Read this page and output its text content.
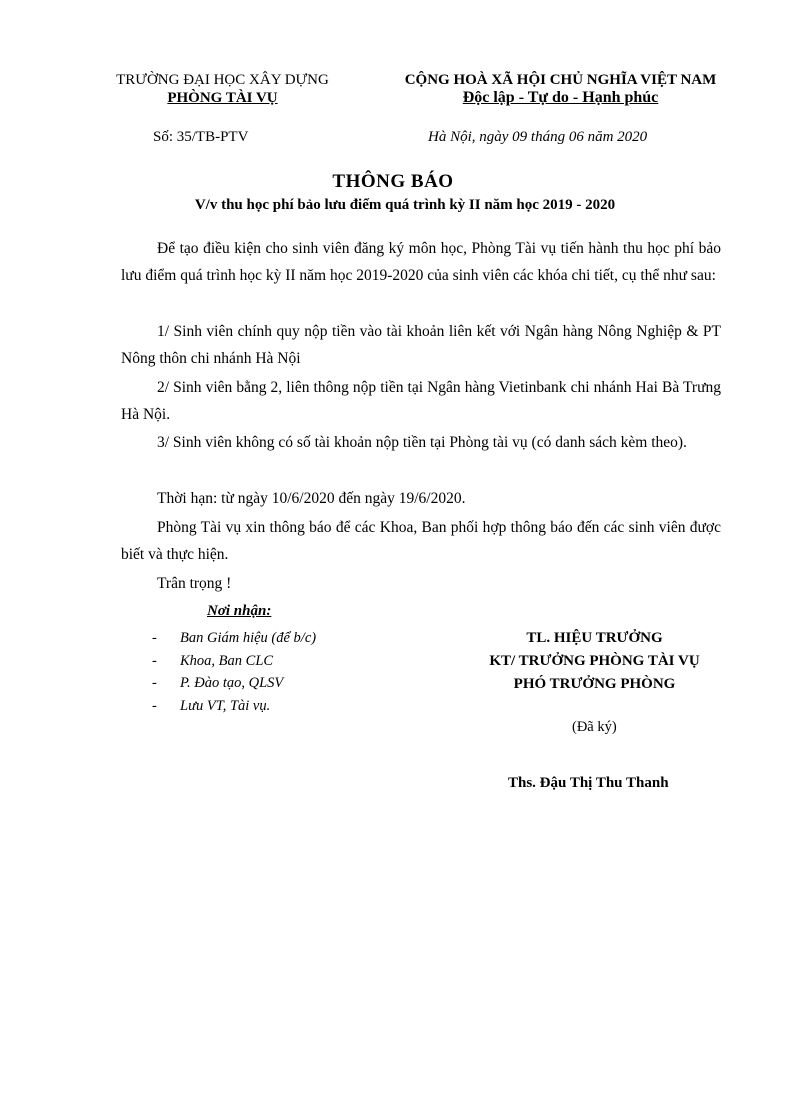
TRƯỜNG ĐẠI HỌC XÂY DỰNG
PHÒNG TÀI VỤ
Số: 35/TB-PTV
CỘNG HOÀ XÃ HỘI CHỦ NGHĨA VIỆT NAM
Độc lập - Tự do - Hạnh phúc
Hà Nội, ngày 09 tháng 06 năm 2020
THÔNG BÁO
V/v thu học phí bảo lưu điểm quá trình kỳ II năm học 2019 - 2020
Để tạo điều kiện cho sinh viên đăng ký môn học, Phòng Tài vụ tiến hành thu học phí bảo lưu điểm quá trình học kỳ II năm học 2019-2020 của sinh viên các khóa chi tiết, cụ thể như sau:
1/ Sinh viên chính quy nộp tiền vào tài khoản liên kết với Ngân hàng Nông Nghiệp & PT Nông thôn chi nhánh Hà Nội
2/ Sinh viên bằng 2, liên thông nộp tiền tại Ngân hàng Vietinbank chi nhánh Hai Bà Trưng Hà Nội.
3/ Sinh viên không có số tài khoản nộp tiền tại Phòng tài vụ (có danh sách kèm theo).
Thời hạn: từ ngày 10/6/2020 đến ngày 19/6/2020.
Phòng Tài vụ xin thông báo để các Khoa, Ban phối hợp thông báo đến các sinh viên được biết và thực hiện.
Trân trọng !
Nơi nhận:
-	Ban Giám hiệu (để b/c)
-	Khoa, Ban CLC
-	P. Đào tạo, QLSV
-	Lưu VT, Tài vụ.
TL. HIỆU TRƯỞNG
KT/ TRƯỞNG PHÒNG TÀI VỤ
PHÓ TRƯỞNG PHÒNG
(Đã ký)
Ths. Đậu Thị Thu Thanh
